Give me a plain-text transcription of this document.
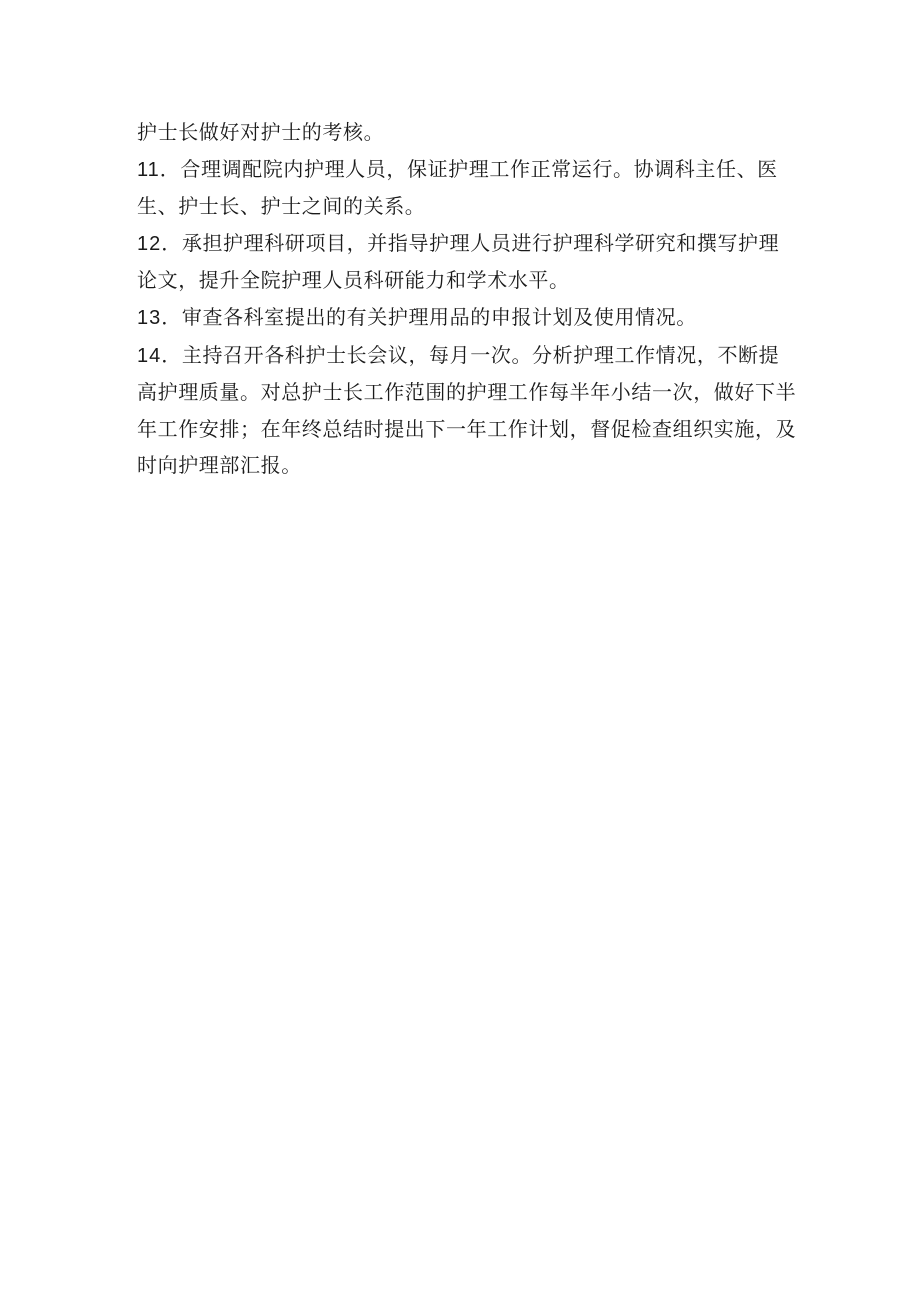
护士长做好对护士的考核。

11．合理调配院内护理人员，保证护理工作正常运行。协调科主任、医生、护士长、护士之间的关系。

12．承担护理科研项目，并指导护理人员进行护理科学研究和撰写护理论文，提升全院护理人员科研能力和学术水平。

13．审查各科室提出的有关护理用品的申报计划及使用情况。

14．主持召开各科护士长会议，每月一次。分析护理工作情况，不断提高护理质量。对总护士长工作范围的护理工作每半年小结一次，做好下半年工作安排；在年终总结时提出下一年工作计划，督促检查组织实施，及时向护理部汇报。
